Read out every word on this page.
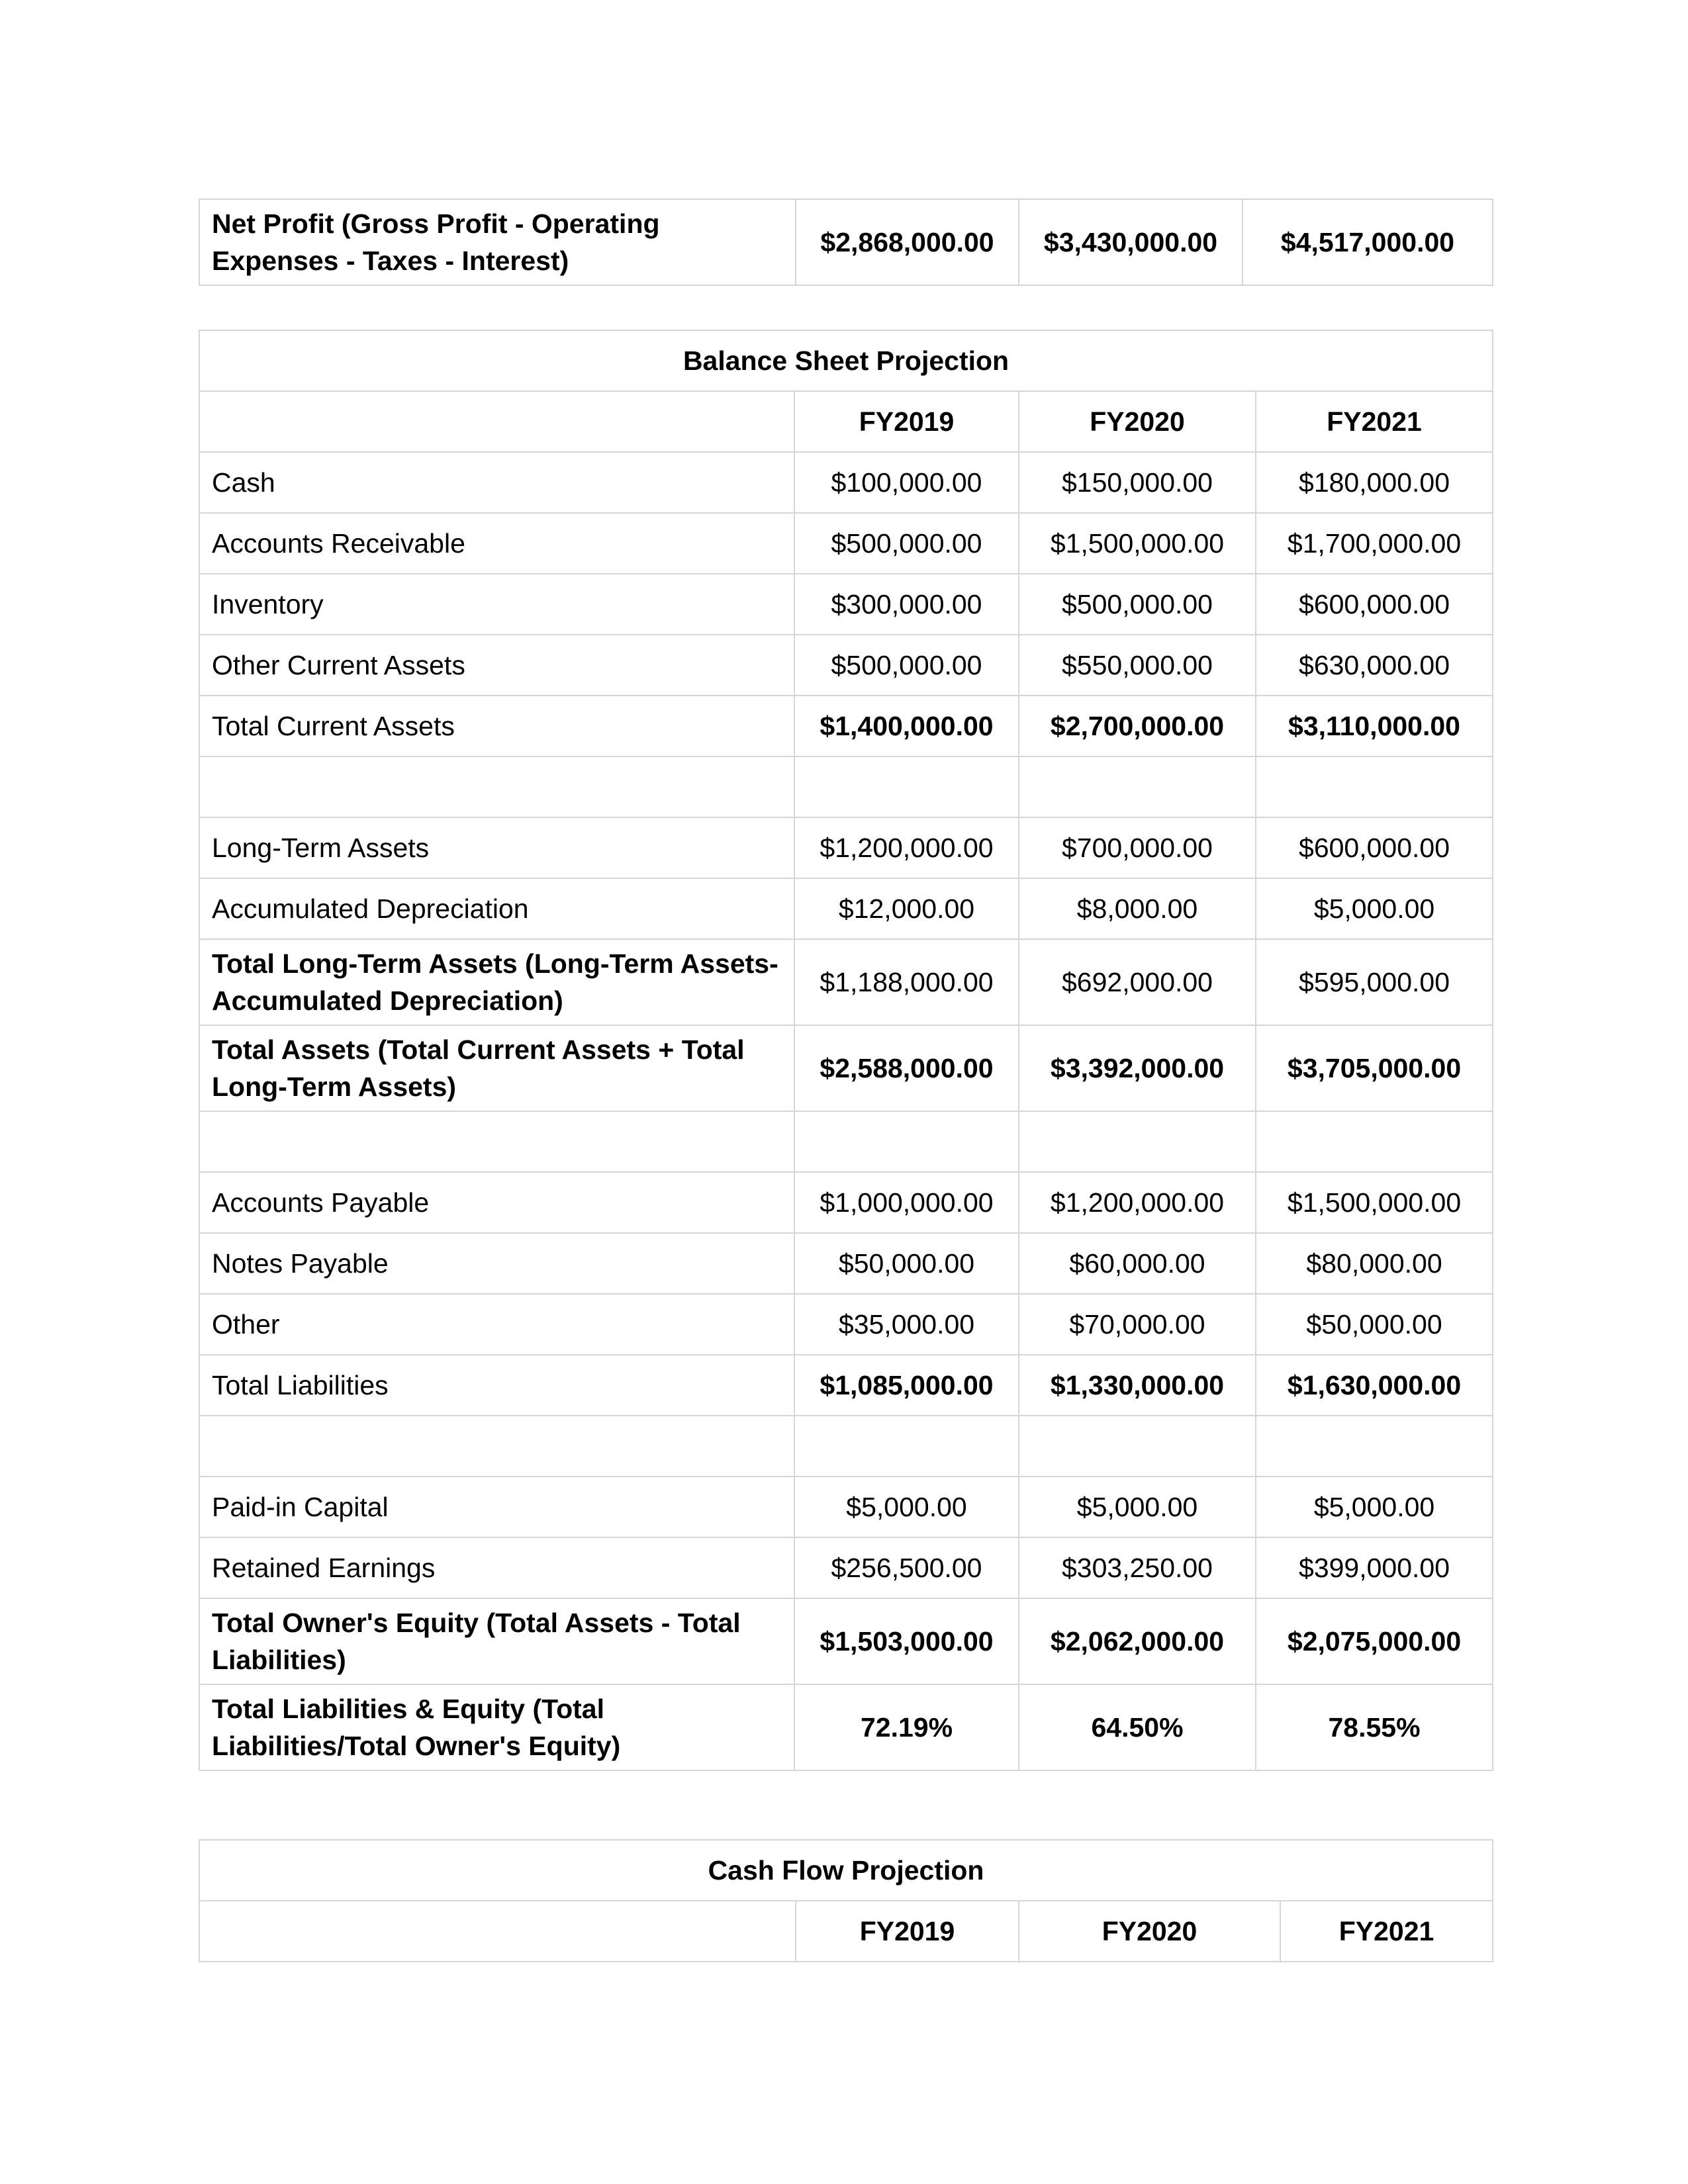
Net Profit (Gross Profit - Operating Expenses - Taxes - Interest)	$2,868,000.00	$3,430,000.00	$4,517,000.00
Balance Sheet Projection			
	FY2019	FY2020	FY2021
Cash	$100,000.00	$150,000.00	$180,000.00
Accounts Receivable	$500,000.00	$1,500,000.00	$1,700,000.00
Inventory	$300,000.00	$500,000.00	$600,000.00
Other Current Assets	$500,000.00	$550,000.00	$630,000.00
Total Current Assets	$1,400,000.00	$2,700,000.00	$3,110,000.00

Long-Term Assets	$1,200,000.00	$700,000.00	$600,000.00
Accumulated Depreciation	$12,000.00	$8,000.00	$5,000.00
Total Long-Term Assets (Long-Term Assets-Accumulated Depreciation)	$1,188,000.00	$692,000.00	$595,000.00
Total Assets (Total Current Assets + Total Long-Term Assets)	$2,588,000.00	$3,392,000.00	$3,705,000.00

Accounts Payable	$1,000,000.00	$1,200,000.00	$1,500,000.00
Notes Payable	$50,000.00	$60,000.00	$80,000.00
Other	$35,000.00	$70,000.00	$50,000.00
Total Liabilities	$1,085,000.00	$1,330,000.00	$1,630,000.00

Paid-in Capital	$5,000.00	$5,000.00	$5,000.00
Retained Earnings	$256,500.00	$303,250.00	$399,000.00
Total Owner's Equity (Total Assets - Total Liabilities)	$1,503,000.00	$2,062,000.00	$2,075,000.00
Total Liabilities & Equity (Total Liabilities/Total Owner's Equity)	72.19%	64.50%	78.55%
Cash Flow Projection
	FY2019	FY2020	FY2021
